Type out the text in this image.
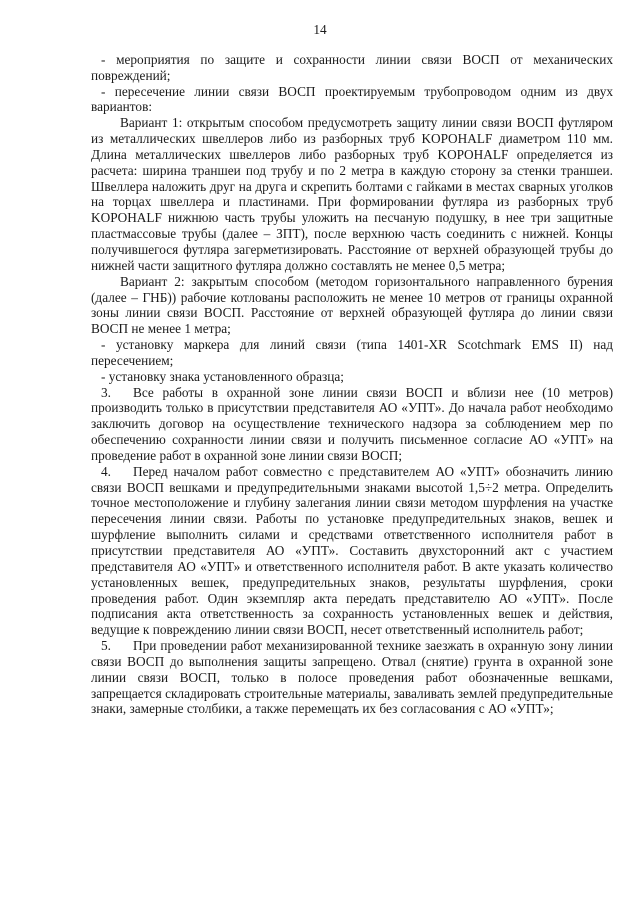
14

- мероприятия по защите и сохранности линии связи ВОСП от механических повреждений;

- пересечение линии связи ВОСП проектируемым трубопроводом одним из двух вариантов:

Вариант 1: открытым способом предусмотреть защиту линии связи ВОСП футляром из металлических швеллеров либо из разборных труб KOPOHALF диаметром 110 мм. Длина металлических швеллеров либо разборных труб KOPOHALF определяется из расчета: ширина траншеи под трубу и по 2 метра в каждую сторону за стенки траншеи. Швеллера наложить друг на друга и скрепить болтами с гайками в местах сварных уголков на торцах швеллера и пластинами. При формировании футляра из разборных труб KOPOHALF нижнюю часть трубы уложить на песчаную подушку, в нее три защитные пластмассовые трубы (далее – ЗПТ), после верхнюю часть соединить с нижней. Концы получившегося футляра загерметизировать. Расстояние от верхней образующей трубы до нижней части защитного футляра должно составлять не менее 0,5 метра;

Вариант 2: закрытым способом (методом горизонтального направленного бурения (далее – ГНБ)) рабочие котлованы расположить не менее 10 метров от границы охранной зоны линии связи ВОСП. Расстояние от верхней образующей футляра до линии связи ВОСП не менее 1 метра;

- установку маркера для линий связи (типа 1401-XR Scotchmark EMS II) над пересечением;

- установку знака установленного образца;

3. Все работы в охранной зоне линии связи ВОСП и вблизи нее (10 метров) производить только в присутствии представителя АО «УПТ». До начала работ необходимо заключить договор на осуществление технического надзора за соблюдением мер по обеспечению сохранности линии связи и получить письменное согласие АО «УПТ» на проведение работ в охранной зоне линии связи ВОСП;

4. Перед началом работ совместно с представителем АО «УПТ» обозначить линию связи ВОСП вешками и предупредительными знаками высотой 1,5÷2 метра. Определить точное местоположение и глубину залегания линии связи методом шурфления на участке пересечения линии связи. Работы по установке предупредительных знаков, вешек и шурфление выполнить силами и средствами ответственного исполнителя работ в присутствии представителя АО «УПТ». Составить двухсторонний акт с участием представителя АО «УПТ» и ответственного исполнителя работ. В акте указать количество установленных вешек, предупредительных знаков, результаты шурфления, сроки проведения работ. Один экземпляр акта передать представителю АО «УПТ». После подписания акта ответственность за сохранность установленных вешек и действия, ведущие к повреждению линии связи ВОСП, несет ответственный исполнитель работ;

5. При проведении работ механизированной технике заезжать в охранную зону линии связи ВОСП до выполнения защиты запрещено. Отвал (снятие) грунта в охранной зоне линии связи ВОСП, только в полосе проведения работ обозначенные вешками, запрещается складировать строительные материалы, заваливать землей предупредительные знаки, замерные столбики, а также перемещать их без согласования с АО «УПТ»;
